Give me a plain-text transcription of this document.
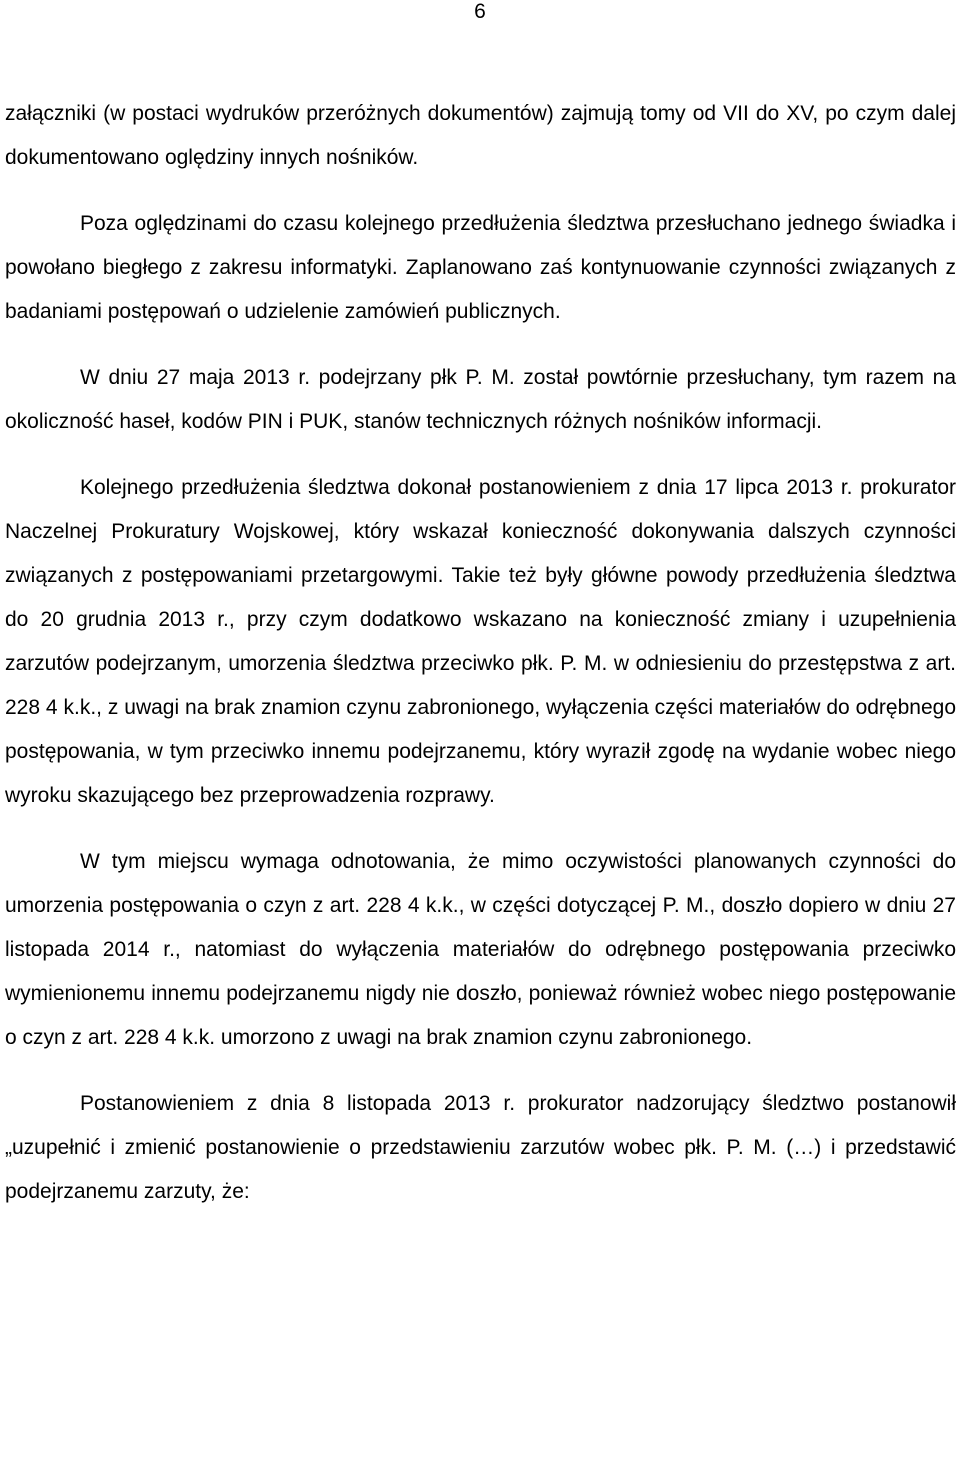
6

załączniki (w postaci wydruków przeróżnych dokumentów) zajmują tomy od VII do XV, po czym dalej dokumentowano oględziny innych nośników.

Poza oględzinami do czasu kolejnego przedłużenia śledztwa przesłuchano jednego świadka i powołano biegłego z zakresu informatyki. Zaplanowano zaś kontynuowanie czynności związanych z badaniami postępowań o udzielenie zamówień publicznych.

W dniu 27 maja 2013 r. podejrzany płk P. M. został powtórnie przesłuchany, tym razem na okoliczność haseł, kodów PIN i PUK, stanów technicznych różnych nośników informacji.

Kolejnego przedłużenia śledztwa dokonał postanowieniem z dnia 17 lipca 2013 r. prokurator Naczelnej Prokuratury Wojskowej, który wskazał konieczność dokonywania dalszych czynności związanych z postępowaniami przetargowymi. Takie też były główne powody przedłużenia śledztwa do 20 grudnia 2013 r., przy czym dodatkowo wskazano na konieczność zmiany i uzupełnienia zarzutów podejrzanym, umorzenia śledztwa przeciwko płk. P. M. w odniesieniu do przestępstwa z art. 228 4 k.k., z uwagi na brak znamion czynu zabronionego, wyłączenia części materiałów do odrębnego postępowania, w tym przeciwko innemu podejrzanemu, który wyraził zgodę na wydanie wobec niego wyroku skazującego bez przeprowadzenia rozprawy.

W tym miejscu wymaga odnotowania, że mimo oczywistości planowanych czynności do umorzenia postępowania o czyn z art. 228 4 k.k., w części dotyczącej P. M., doszło dopiero w dniu 27 listopada 2014 r., natomiast do wyłączenia materiałów do odrębnego postępowania przeciwko wymienionemu innemu podejrzanemu nigdy nie doszło, ponieważ również wobec niego postępowanie o czyn z art. 228 4 k.k. umorzono z uwagi na brak znamion czynu zabronionego.

Postanowieniem z dnia 8 listopada 2013 r. prokurator nadzorujący śledztwo postanowił „uzupełnić i zmienić postanowienie o przedstawieniu zarzutów wobec płk. P. M. (…) i przedstawić podejrzanemu zarzuty, że:
